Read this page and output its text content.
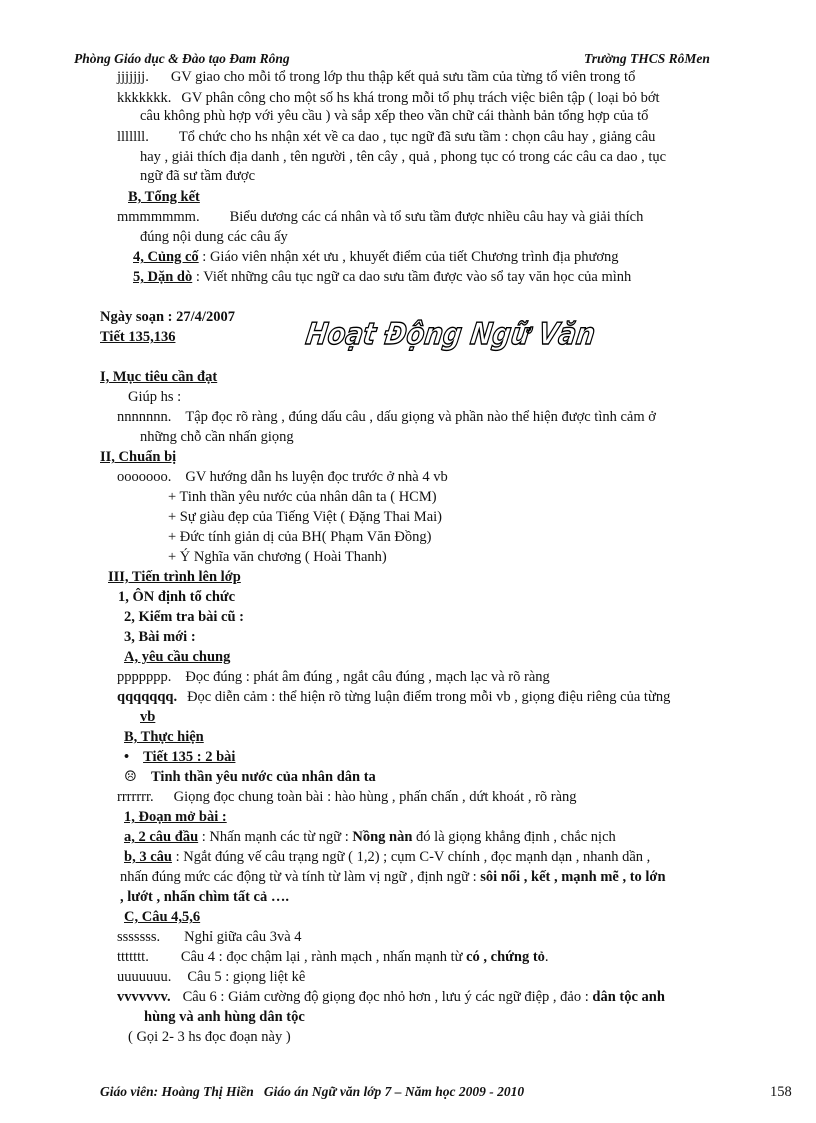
Phòng Giáo dục & Đào tạo Đam Rông	Trường THCS RôMen
jjjjjjj. GV giao cho mỗi tổ trong lớp thu thập kết quả sưu tầm của từng tổ viên trong tổ
kkkkkkk. GV phân công cho một số hs khá trong mỗi tổ phụ trách việc biên tập ( loại bỏ bớt
câu không phù hợp với yêu cầu ) và sắp xếp theo vần chữ cái thành bản tổng hợp của tổ
lllllll. Tổ chức cho hs nhận xét về ca dao , tục ngữ đã sưu tầm : chọn câu hay , giảng câu
hay , giải thích địa danh , tên người , tên cây , quả , phong tục có trong các câu ca dao , tục
ngữ đã sư tầm được
B, Tổng kết
mmmmmmm. Biểu dương các cá nhân và tổ sưu tầm được nhiều câu hay và giải thích
đúng nội dung các câu ấy
4, Củng cố : Giáo viên nhận xét ưu , khuyết điểm của tiết Chương trình địa phương
5, Dặn dò : Viết những câu tục ngữ ca dao sưu tầm được vào sổ tay văn học của mình
Ngày soạn : 27/4/2007
Tiết 135,136	Hoạt Động Ngữ Văn
I, Mục tiêu cần đạt
Giúp hs :
nnnnnnn. Tập đọc rõ ràng , đúng dấu câu , dấu giọng và phần nào thể hiện được tình cảm ở
những chỗ cần nhấn giọng
II, Chuẩn bị
ooooooo. GV hướng dẫn hs luyện đọc trước ở nhà 4 vb
+ Tinh thần yêu nước của nhân dân ta ( HCM)
+ Sự giàu đẹp của Tiếng Việt ( Đặng Thai Mai)
+ Đức tính giản dị của BH( Phạm Văn Đồng)
+ Ý Nghĩa văn chương ( Hoài Thanh)
III, Tiến trình lên lớp
1, ÔN định tổ chức
2, Kiểm tra bài cũ :
3, Bài mới :
A, yêu cầu chung
ppppppp. Đọc đúng : phát âm đúng , ngắt câu đúng , mạch lạc và rõ ràng
qqqqqqq. Đọc diễn cảm : thể hiện rõ từng luận điểm trong mỗi vb , giọng điệu riêng của từng
vb
B, Thực hiện
• Tiết 135 : 2 bài
☹ Tinh thần yêu nước của nhân dân ta
rrrrrrr. Giọng đọc chung toàn bài : hào hùng , phấn chấn , dứt khoát , rõ ràng
1, Đoạn mở bài :
a, 2 câu đầu : Nhấn mạnh các từ ngữ : Nồng nàn đó là giọng khẳng định , chắc nịch
b, 3 câu : Ngắt đúng vế câu trạng ngữ ( 1,2) ; cụm C-V chính , đọc mạnh dạn , nhanh dần ,
nhấn đúng mức các động từ và tính từ làm vị ngữ , định ngữ : sôi nổi , kết , mạnh mẽ , to lớn
, lướt , nhấn chìm tất cả ….
C, Câu 4,5,6
sssssss. Nghỉ giữa câu 3và 4
ttttttt. Câu 4 : đọc chậm lại , rành mạch , nhấn mạnh từ có , chứng tỏ.
uuuuuuu. Câu 5 : giọng liệt kê
vvvvvvv. Câu 6 : Giảm cường độ giọng đọc nhỏ hơn , lưu ý các ngữ điệp , đảo : dân tộc anh
hùng và anh hùng dân tộc
( Gọi 2- 3 hs đọc đoạn này )
Giáo viên: Hoàng Thị Hiền   Giáo án Ngữ văn lớp 7 – Năm học 2009 - 2010	158
